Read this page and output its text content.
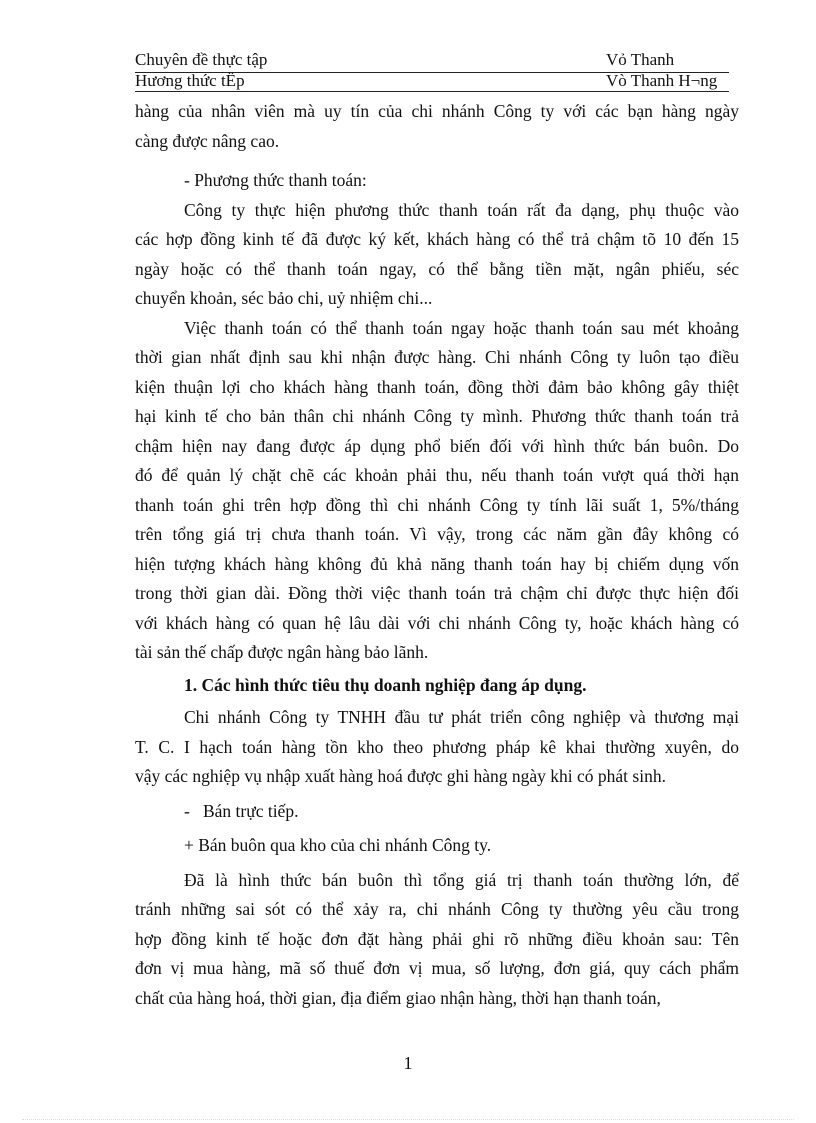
Chuyên đề thực tập	Vỏ Thanh
Hương thức tËp	Vò Thanh H¬ng

hàng của nhân viên mà uy tín của chi nhánh Công ty với các bạn hàng ngày
càng được nâng cao.

- Phương thức thanh toán:

Công ty thực hiện phương thức thanh toán rất đa dạng, phụ thuộc vào
các hợp đồng kinh tế đã được ký kết, khách hàng có thể trả chậm tõ 10 đến 15
ngày hoặc có thể thanh toán ngay, có thể bằng tiền mặt, ngân phiếu, séc
chuyển khoản, séc bảo chi, uỷ nhiệm chi...

Việc thanh toán có thể thanh toán ngay hoặc thanh toán sau mét khoảng
thời gian nhất định sau khi nhận được hàng. Chi nhánh Công ty luôn tạo điều
kiện thuận lợi cho khách hàng thanh toán, đồng thời đảm bảo không gây thiệt
hại kinh tế cho bản thân chi nhánh Công ty mình. Phương thức thanh toán trả
chậm hiện nay đang được áp dụng phổ biến đối với hình thức bán buôn. Do
đó để quản lý chặt chẽ các khoản phải thu, nếu thanh toán vượt quá thời hạn
thanh toán ghi trên hợp đồng thì chi nhánh Công ty tính lãi suất 1, 5%/tháng
trên tổng giá trị chưa thanh toán. Vì vậy, trong các năm gần đây không có
hiện tượng khách hàng không đủ khả năng thanh toán hay bị chiếm dụng vốn
trong thời gian dài. Đồng thời việc thanh toán trả chậm chỉ được thực hiện đối
với khách hàng có quan hệ lâu dài với chi nhánh Công ty, hoặc khách hàng có
tài sản thế chấp được ngân hàng bảo lãnh.

1. Các hình thức tiêu thụ doanh nghiệp đang áp dụng.

Chi nhánh Công ty TNHH đầu tư phát triển công nghiệp và thương mại
T. C. I hạch toán hàng tồn kho theo phương pháp kê khai thường xuyên, do
vậy các nghiệp vụ nhập xuất hàng hoá được ghi hàng ngày khi có phát sinh.

-   Bán trực tiếp.

+ Bán buôn qua kho của chi nhánh Công ty.

Đã là hình thức bán buôn thì tổng giá trị thanh toán thường lớn, để
tránh những sai sót có thể xảy ra, chi nhánh Công ty thường yêu cầu trong
hợp đồng kinh tế hoặc đơn đặt hàng phải ghi rõ những điều khoản sau: Tên
đơn vị mua hàng, mã số thuế đơn vị mua, số lượng, đơn giá, quy cách phẩm
chất của hàng hoá, thời gian, địa điểm giao nhận hàng, thời hạn thanh toán,

1
